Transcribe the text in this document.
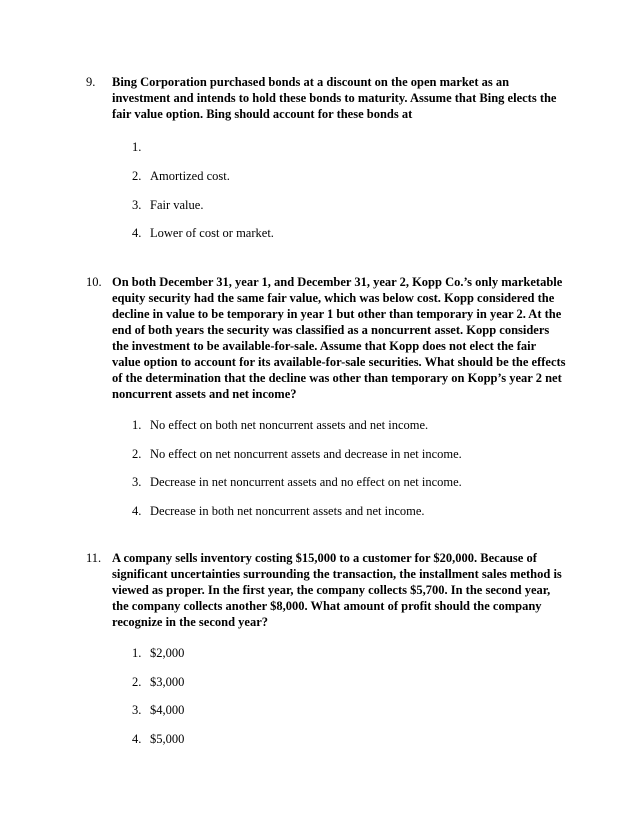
9. Bing Corporation purchased bonds at a discount on the open market as an investment and intends to hold these bonds to maturity. Assume that Bing elects the fair value option. Bing should account for these bonds at
1.
2. Amortized cost.
3. Fair value.
4. Lower of cost or market.
10. On both December 31, year 1, and December 31, year 2, Kopp Co.’s only marketable equity security had the same fair value, which was below cost. Kopp considered the decline in value to be temporary in year 1 but other than temporary in year 2. At the end of both years the security was classified as a noncurrent asset. Kopp considers the investment to be available-for-sale. Assume that Kopp does not elect the fair value option to account for its available-for-sale securities. What should be the effects of the determination that the decline was other than temporary on Kopp’s year 2 net noncurrent assets and net income?
1. No effect on both net noncurrent assets and net income.
2. No effect on net noncurrent assets and decrease in net income.
3. Decrease in net noncurrent assets and no effect on net income.
4. Decrease in both net noncurrent assets and net income.
11. A company sells inventory costing $15,000 to a customer for $20,000. Because of significant uncertainties surrounding the transaction, the installment sales method is viewed as proper. In the first year, the company collects $5,700. In the second year, the company collects another $8,000. What amount of profit should the company recognize in the second year?
1. $2,000
2. $3,000
3. $4,000
4. $5,000
